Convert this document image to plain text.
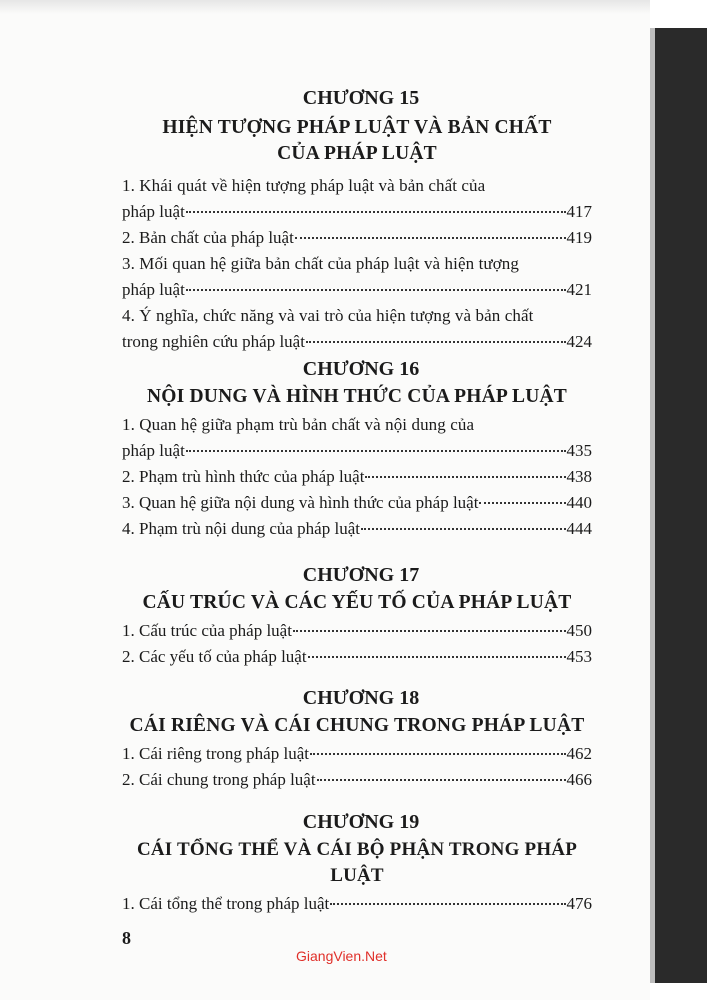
CHƯƠNG 15
HIỆN TƯỢNG PHÁP LUẬT VÀ BẢN CHẤT
CỦA PHÁP LUẬT
1. Khái quát về hiện tượng pháp luật và bản chất của
pháp luật	417
2. Bản chất của pháp luật	419
3. Mối quan hệ giữa bản chất của pháp luật và hiện tượng
pháp luật	421
4. Ý nghĩa, chức năng và vai trò của hiện tượng và bản chất
trong nghiên cứu pháp luật	424
CHƯƠNG 16
NỘI DUNG VÀ HÌNH THỨC CỦA PHÁP LUẬT
1. Quan hệ giữa phạm trù bản chất và nội dung của
pháp luật	435
2. Phạm trù hình thức của pháp luật	438
3. Quan hệ giữa nội dung và hình thức của pháp luật	440
4. Phạm trù nội dung của pháp luật	444
CHƯƠNG 17
CẤU TRÚC VÀ CÁC YẾU TỐ CỦA PHÁP LUẬT
1. Cấu trúc của pháp luật	450
2. Các yếu tố của pháp luật	453
CHƯƠNG 18
CÁI RIÊNG VÀ CÁI CHUNG TRONG PHÁP LUẬT
1. Cái riêng trong pháp luật	462
2. Cái chung trong pháp luật	466
CHƯƠNG 19
CÁI TỔNG THỂ VÀ CÁI BỘ PHẬN TRONG PHÁP LUẬT
1. Cái tổng thể trong pháp luật	476
8
GiangVien.Net
